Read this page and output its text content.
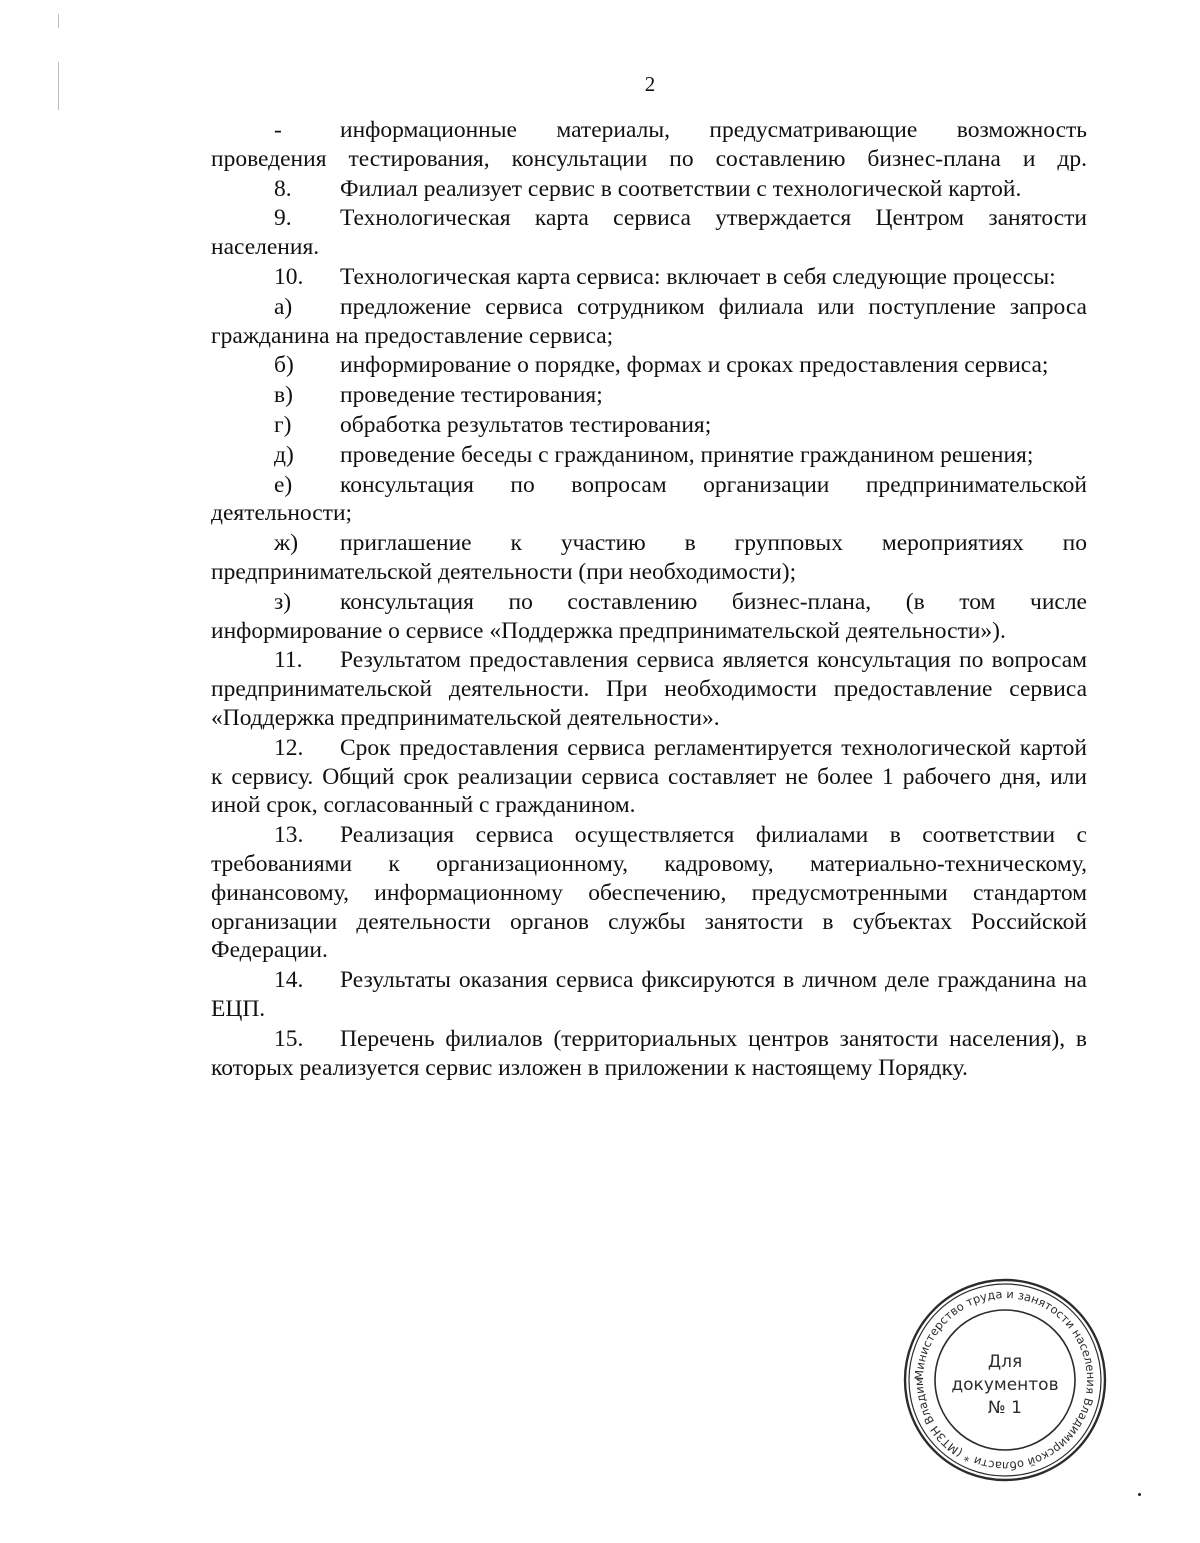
2

- информационные материалы, предусматривающие возможность проведения тестирования, консультации по составлению бизнес-плана и др.

8. Филиал реализует сервис в соответствии с технологической картой.

9. Технологическая карта сервиса утверждается Центром занятости населения.

10. Технологическая карта сервиса: включает в себя следующие процессы:

а) предложение сервиса сотрудником филиала или поступление запроса гражданина на предоставление сервиса;

б) информирование о порядке, формах и сроках предоставления сервиса;

в) проведение тестирования;

г) обработка результатов тестирования;

д) проведение беседы с гражданином, принятие гражданином решения;

е) консультация по вопросам организации предпринимательской деятельности;

ж) приглашение к участию в групповых мероприятиях по предпринимательской деятельности (при необходимости);

з) консультация по составлению бизнес-плана, (в том числе информирование о сервисе «Поддержка предпринимательской деятельности»).

11. Результатом предоставления сервиса является консультация по вопросам предпринимательской деятельности. При необходимости предоставление сервиса «Поддержка предпринимательской деятельности».

12. Срок предоставления сервиса регламентируется технологической картой к сервису. Общий срок реализации сервиса составляет не более 1 рабочего дня, или иной срок, согласованный с гражданином.

13. Реализация сервиса осуществляется филиалами в соответствии с требованиями к организационному, кадровому, материально-техническому, финансовому, информационному обеспечению, предусмотренными стандартом организации деятельности органов службы занятости в субъектах Российской Федерации.

14. Результаты оказания сервиса фиксируются в личном деле гражданина на ЕЦП.

15. Перечень филиалов (территориальных центров занятости населения), в которых реализуется сервис изложен в приложении к настоящему Порядку.

Министерство труда и занятости населения Владимирской области * (МТЗН Владим
Для
документов
№ 1
